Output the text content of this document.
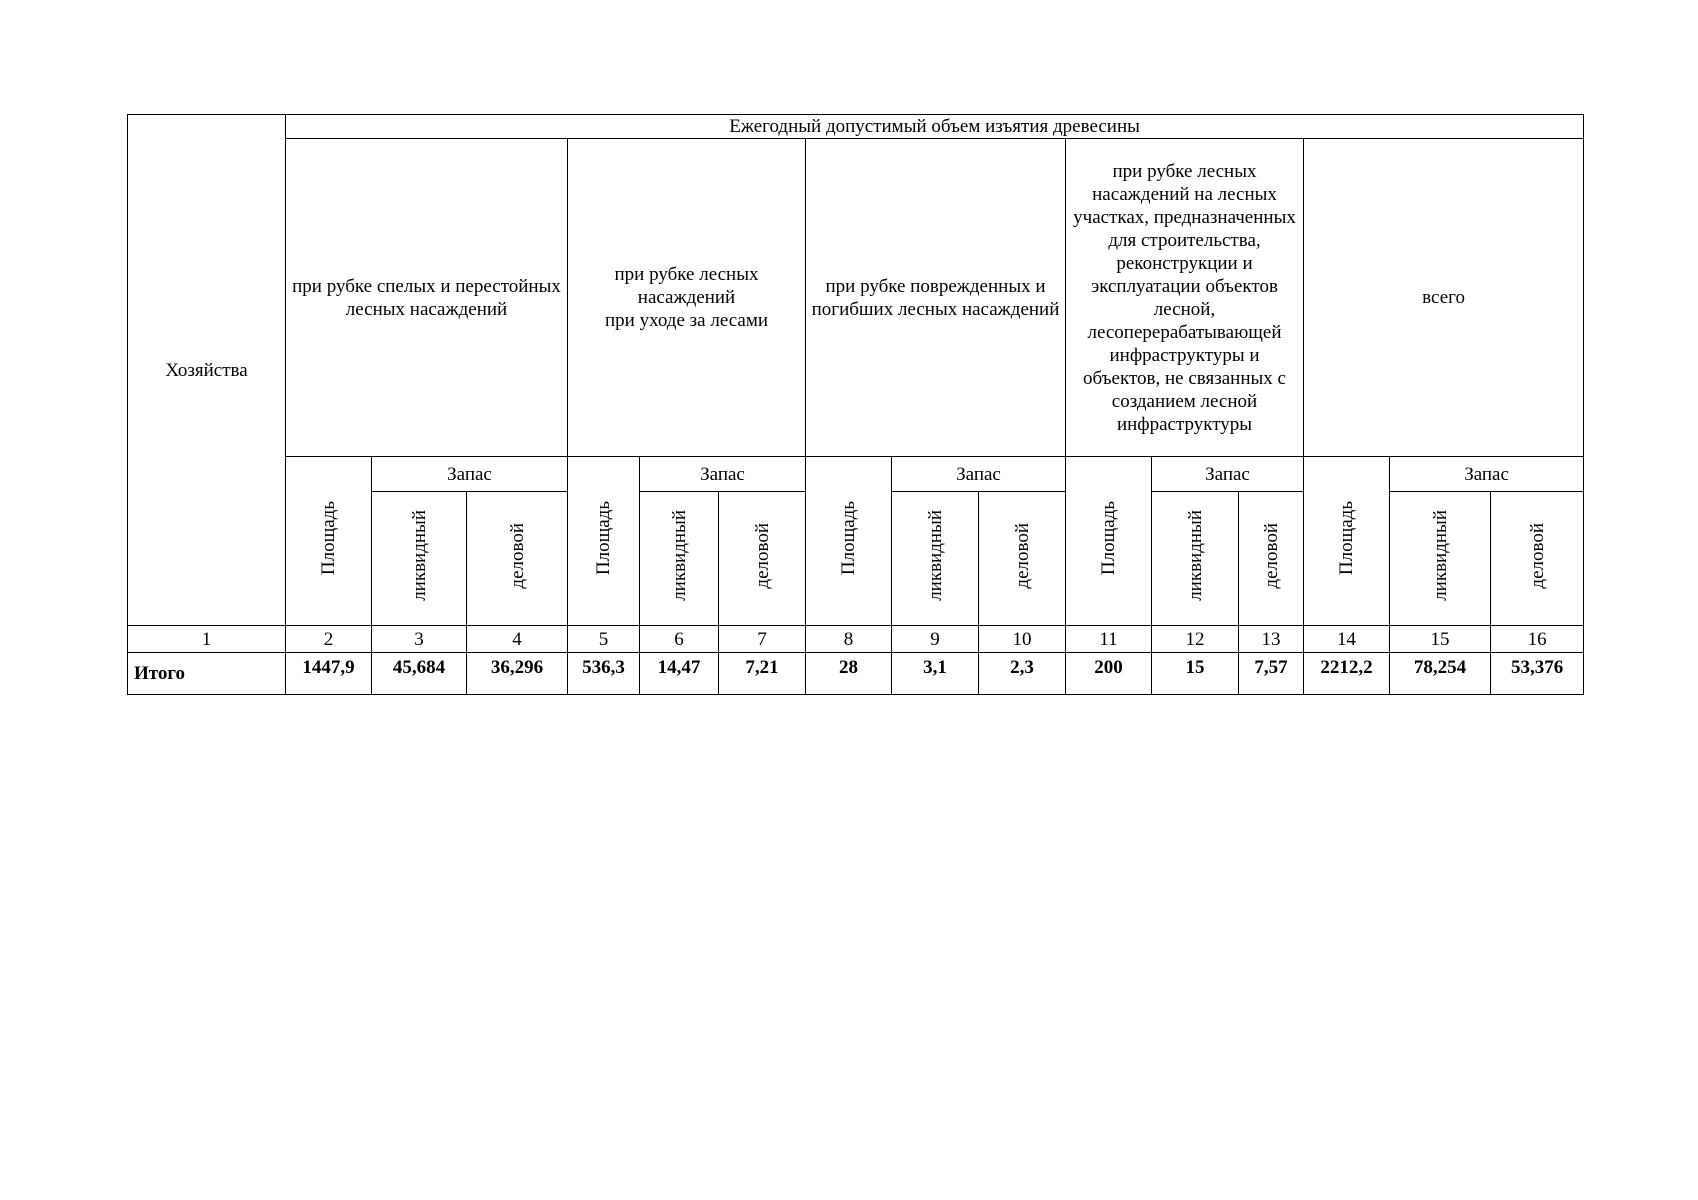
Хозяйства	Ежегодный допустимый объем изъятия древесины														
	при рубке спелых и перестойных лесных насаждений			при рубке лесных насаждений
при уходе за лесами			при рубке поврежденных и погибших лесных насаждений			при рубке лесных насаждений на лесных участках, предназначенных для строительства, реконструкции и эксплуатации объектов лесной, лесоперерабатывающей инфраструктуры и объектов, не связанных с созданием лесной инфраструктуры			всего		
	Площадь	Запас		Площадь	Запас		Площадь	Запас		Площадь	Запас		Площадь	Запас	
		ликвидный	деловой		ликвидный	деловой		ликвидный	деловой		ликвидный	деловой		ликвидный	деловой
1	2	3	4	5	6	7	8	9	10	11	12	13	14	15	16
Итого	1447,9	45,684	36,296	536,3	14,47	7,21	28	3,1	2,3	200	15	7,57	2212,2	78,254	53,376
